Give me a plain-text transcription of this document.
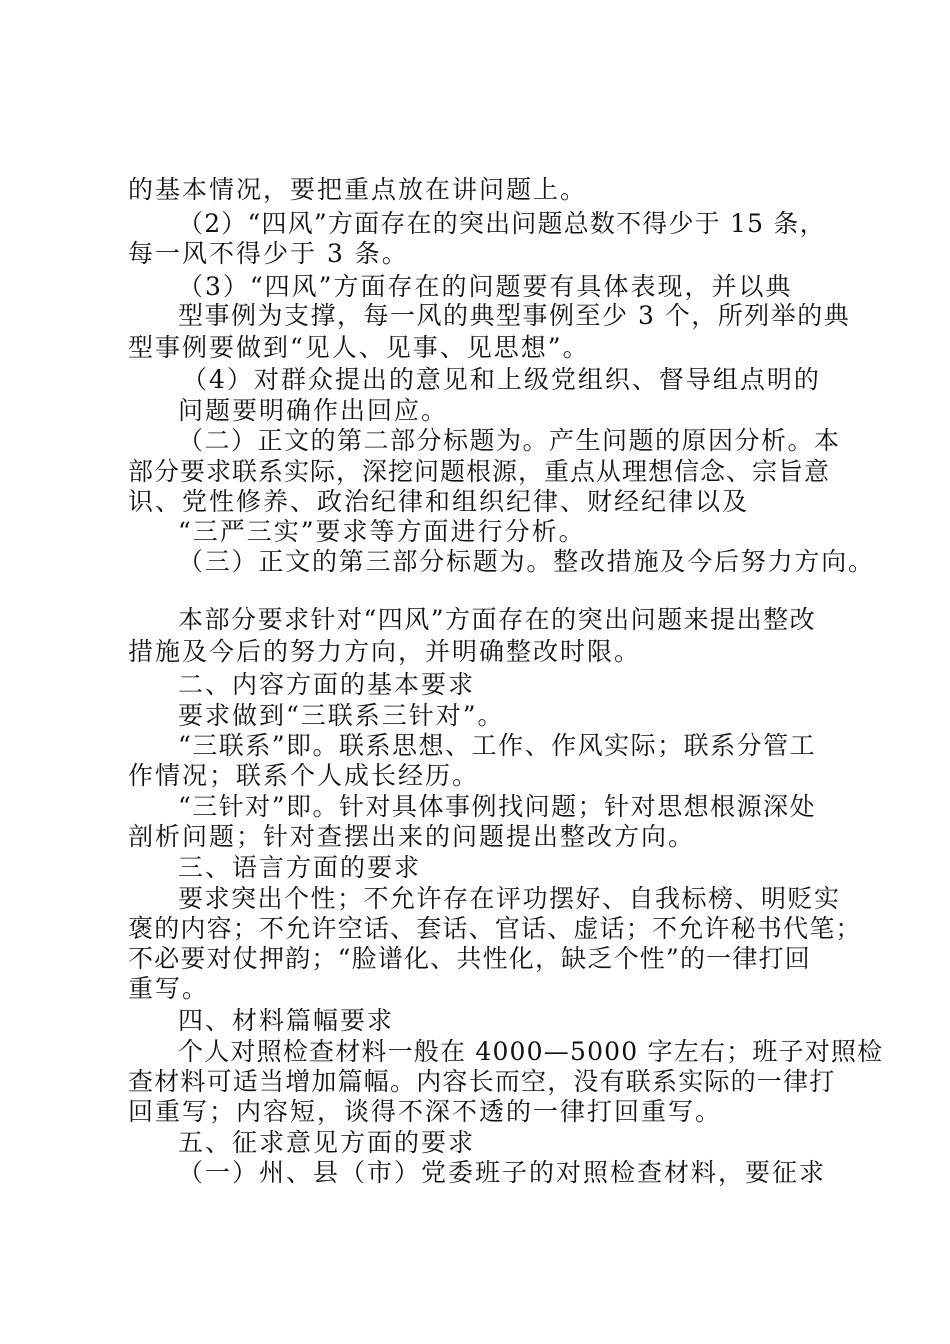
的基本情况，要把重点放在讲问题上。
（2）“四风”方面存在的突出问题总数不得少于 15 条，
每一风不得少于 3 条。
（3）“四风”方面存在的问题要有具体表现，并以典
型事例为支撑，每一风的典型事例至少 3 个，所列举的典
型事例要做到“见人、见事、见思想”。
（4）对群众提出的意见和上级党组织、督导组点明的
问题要明确作出回应。
（二）正文的第二部分标题为。产生问题的原因分析。本
部分要求联系实际，深挖问题根源，重点从理想信念、宗旨意
识、党性修养、政治纪律和组织纪律、财经纪律以及
“三严三实”要求等方面进行分析。
（三）正文的第三部分标题为。整改措施及今后努力方向。
本部分要求针对“四风”方面存在的突出问题来提出整改
措施及今后的努力方向，并明确整改时限。
二、内容方面的基本要求
要求做到“三联系三针对”。
“三联系”即。联系思想、工作、作风实际；联系分管工
作情况；联系个人成长经历。
“三针对”即。针对具体事例找问题；针对思想根源深处
剖析问题；针对查摆出来的问题提出整改方向。
三、语言方面的要求
要求突出个性；不允许存在评功摆好、自我标榜、明贬实
褒的内容；不允许空话、套话、官话、虚话；不允许秘书代笔；
不必要对仗押韵；“脸谱化、共性化，缺乏个性”的一律打回
重写。
四、材料篇幅要求
个人对照检查材料一般在 4000—5000 字左右；班子对照检
查材料可适当增加篇幅。内容长而空，没有联系实际的一律打
回重写；内容短，谈得不深不透的一律打回重写。
五、征求意见方面的要求
（一）州、县（市）党委班子的对照检查材料，要征求
